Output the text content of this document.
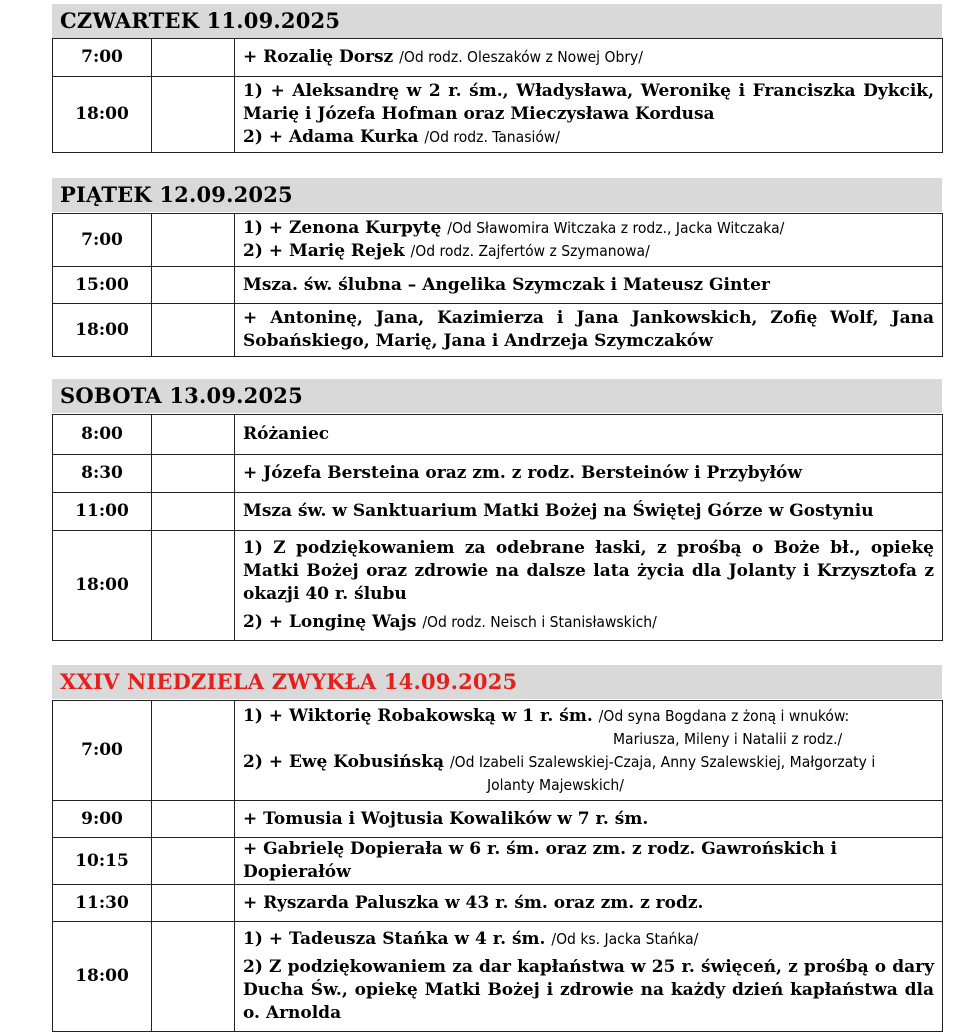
CZWARTEK 11.09.2025
7:00		+ Rozalię Dorsz /Od rodz. Oleszaków z Nowej Obry/

18:00		1) + Aleksandrę w 2 r. śm., Władysława, Weronikę i Franciszka Dykcik, Marię i Józefa Hofman oraz Mieczysława Kordusa
2) + Adama Kurka /Od rodz. Tanasiów/
PIĄTEK 12.09.2025
7:00		1) + Zenona Kurpytę /Od Sławomira Witczaka z rodz., Jacka Witczaka/
2) + Marię Rejek /Od rodz. Zajfertów z Szymanowa/

15:00		Msza. św. ślubna – Angelika Szymczak i Mateusz Ginter

18:00		+ Antoninę, Jana, Kazimierza i Jana Jankowskich, Zofię Wolf, Jana Sobańskiego, Marię, Jana i Andrzeja Szymczaków
SOBOTA 13.09.2025
8:00		Różaniec

8:30		+ Józefa Bersteina oraz zm. z rodz. Bersteinów i Przybyłów

11:00		Msza św. w Sanktuarium Matki Bożej na Świętej Górze w Gostyniu

18:00		1) Z podziękowaniem za odebrane łaski, z prośbą o Boże bł., opiekę Matki Bożej oraz zdrowie na dalsze lata życia dla Jolanty i Krzysztofa z okazji 40 r. ślubu
2) + Longinę Wajs /Od rodz. Neisch i Stanisławskich/
XXIV NIEDZIELA ZWYKŁA 14.09.2025
7:00		1) + Wiktorię Robakowską w 1 r. śm. /Od syna Bogdana z żoną i wnuków:
Mariusza, Mileny i Natalii z rodz./
2) + Ewę Kobusińską /Od Izabeli Szalewskiej-Czaja, Anny Szalewskiej, Małgorzaty i
Jolanty Majewskich/

9:00		+ Tomusia i Wojtusia Kowalików w 7 r. śm.

10:15		+ Gabrielę Dopierała w 6 r. śm. oraz zm. z rodz. Gawrońskich i Dopierałów

11:30		+ Ryszarda Paluszka w 43 r. śm. oraz zm. z rodz.

18:00		1) + Tadeusza Stańka w 4 r. śm. /Od ks. Jacka Stańka/
2) Z podziękowaniem za dar kapłaństwa w 25 r. święceń, z prośbą o dary Ducha Św., opiekę Matki Bożej i zdrowie na każdy dzień kapłaństwa dla o. Arnolda
